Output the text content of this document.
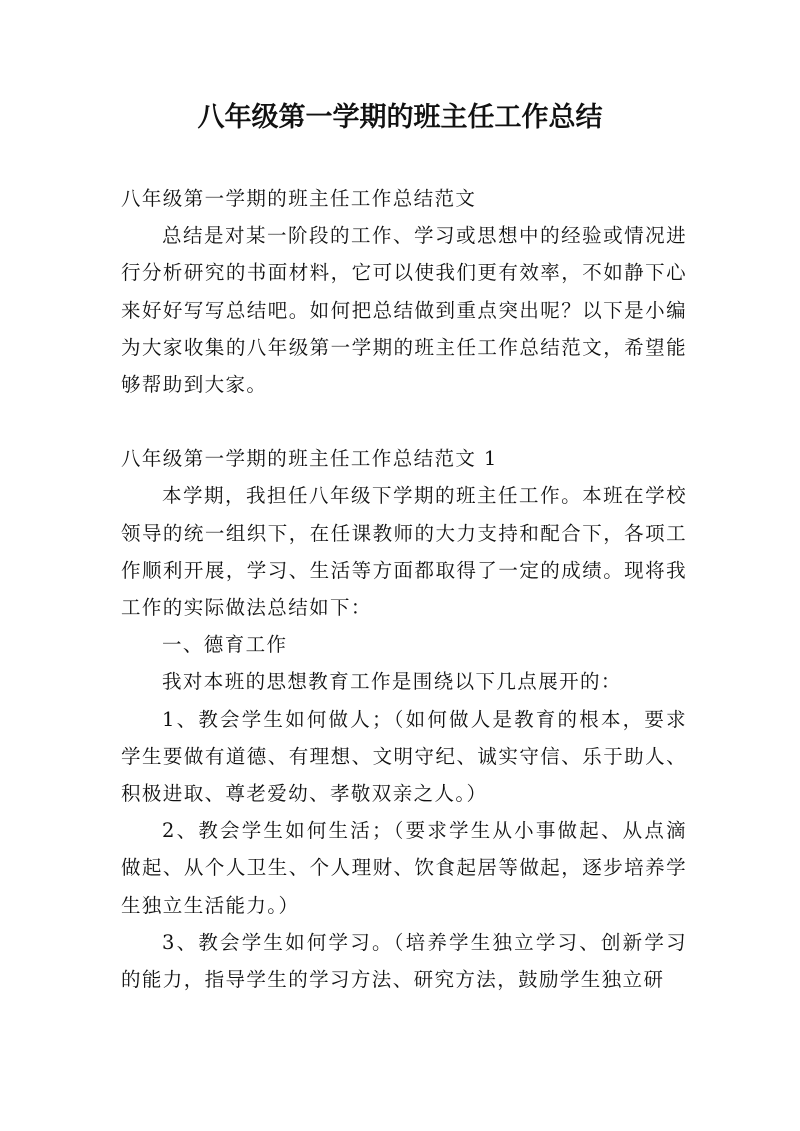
八年级第一学期的班主任工作总结

八年级第一学期的班主任工作总结范文

总结是对某一阶段的工作、学习或思想中的经验或情况进行分析研究的书面材料，它可以使我们更有效率，不如静下心来好好写写总结吧。如何把总结做到重点突出呢？以下是小编为大家收集的八年级第一学期的班主任工作总结范文，希望能够帮助到大家。

八年级第一学期的班主任工作总结范文 1

本学期，我担任八年级下学期的班主任工作。本班在学校领导的统一组织下，在任课教师的大力支持和配合下，各项工作顺利开展，学习、生活等方面都取得了一定的成绩。现将我工作的实际做法总结如下：

一、德育工作

我对本班的思想教育工作是围绕以下几点展开的：

1、教会学生如何做人；（如何做人是教育的根本，要求学生要做有道德、有理想、文明守纪、诚实守信、乐于助人、积极进取、尊老爱幼、孝敬双亲之人。）

2、教会学生如何生活；（要求学生从小事做起、从点滴做起、从个人卫生、个人理财、饮食起居等做起，逐步培养学生独立生活能力。）

3、教会学生如何学习。（培养学生独立学习、创新学习的能力，指导学生的学习方法、研究方法，鼓励学生独立研
